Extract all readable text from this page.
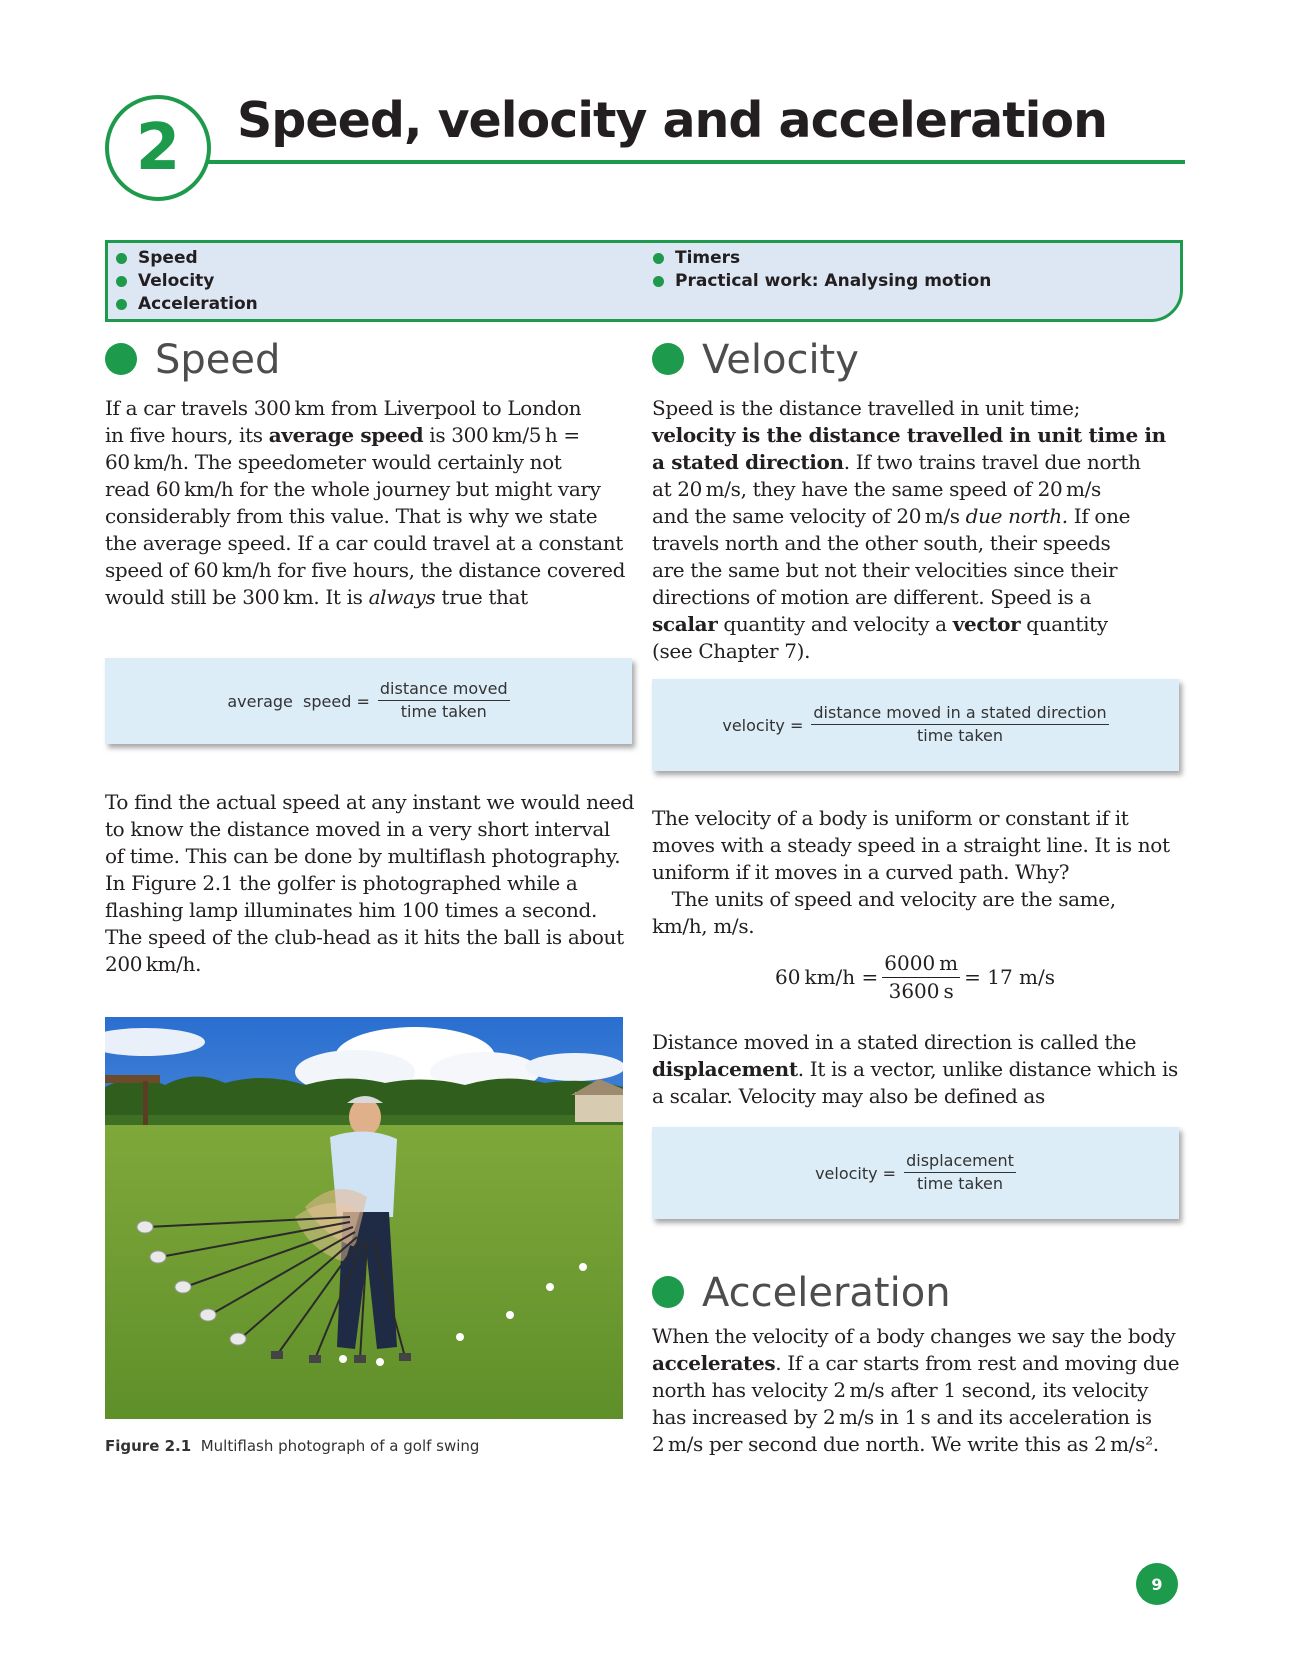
2 Speed, velocity and acceleration
Speed
Velocity
Acceleration
Timers
Practical work: Analysing motion
Speed
If a car travels 300 km from Liverpool to London
in five hours, its average speed is 300 km/5 h =
60 km/h. The speedometer would certainly not
read 60 km/h for the whole journey but might vary
considerably from this value. That is why we state
the average speed. If a car could travel at a constant
speed of 60 km/h for five hours, the distance covered
would still be 300 km. It is always true that
average  speed = $\frac{\text{distance moved}}{\text{time taken}}$
To find the actual speed at any instant we would need
to know the distance moved in a very short interval
of time. This can be done by multiflash photography.
In Figure 2.1 the golfer is photographed while a
flashing lamp illuminates him 100 times a second.
The speed of the club-head as it hits the ball is about
200 km/h.
Figure 2.1 Multiflash photograph of a golf swing
Velocity
Speed is the distance travelled in unit time;
velocity is the distance travelled in unit time in
a stated direction. If two trains travel due north
at 20 m/s, they have the same speed of 20 m/s
and the same velocity of 20 m/s due north. If one
travels north and the other south, their speeds
are the same but not their velocities since their
directions of motion are different. Speed is a
scalar quantity and velocity a vector quantity
(see Chapter 7).
velocity = $\frac{\text{distance moved in a stated direction}}{\text{time taken}}$
The velocity of a body is uniform or constant if it
moves with a steady speed in a straight line. It is not
uniform if it moves in a curved path. Why?
 The units of speed and velocity are the same,
km/h, m/s.
60 $km/h = \frac{6000 m}{3600 s} = 17$ m/s
Distance moved in a stated direction is called the
displacement. It is a vector, unlike distance which is
a scalar. Velocity may also be defined as
velocity = $\frac{\text{displacement}}{\text{time taken}}$
Acceleration
When the velocity of a body changes we say the body
accelerates. If a car starts from rest and moving due
north has velocity 2 m/s after 1 second, its velocity
has increased by 2 m/s in 1 s and its acceleration is
2 m/s per second due north. We write this as 2 m/s².
9
